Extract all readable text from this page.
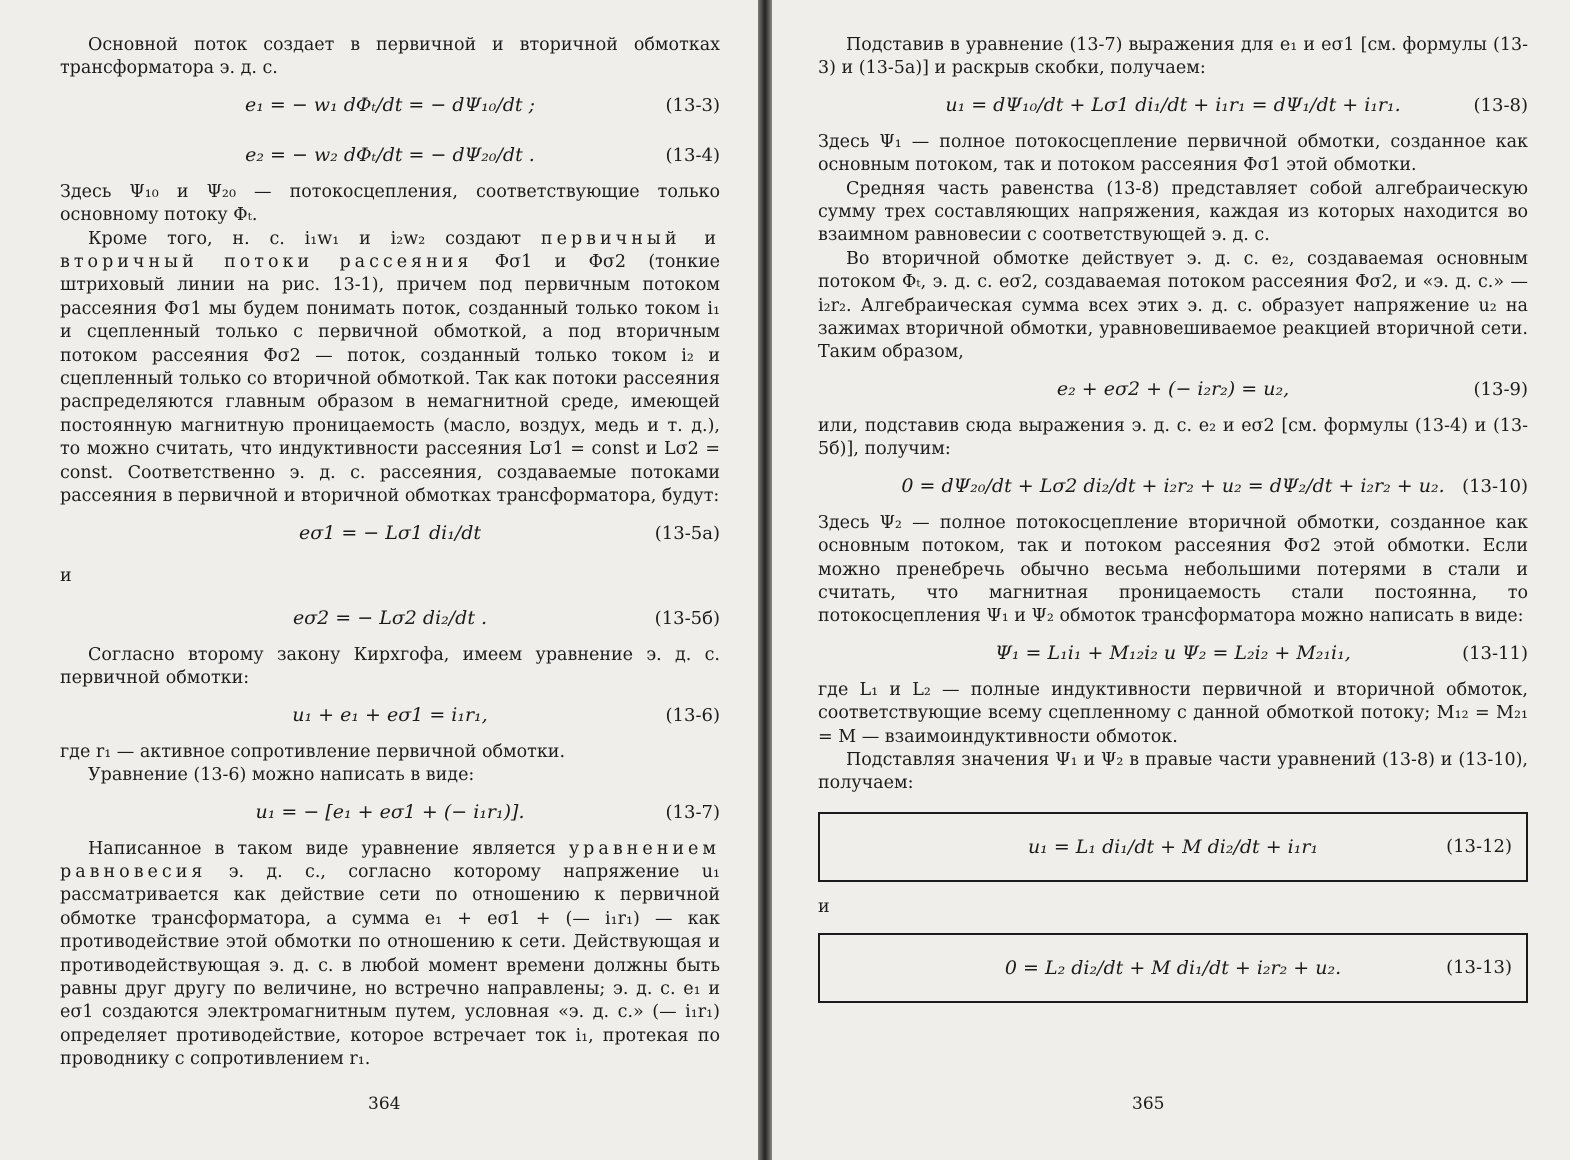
Основной поток создает в первичной и вторичной обмотках трансформатора э. д. с.

e₁ = − w₁ dΦₜ/dt = − dΨ₁₀/dt ;	(13-3)
e₂ = − w₂ dΦₜ/dt = − dΨ₂₀/dt .	(13-4)

Здесь Ψ₁₀ и Ψ₂₀ — потокосцепления, соответствующие только основному потоку Φₜ.

Кроме того, н. с. i₁w₁ и i₂w₂ создают первичный и вторичный потоки рассеяния Φσ1 и Φσ2 (тонкие штриховый линии на рис. 13-1), причем под первичным потоком рассеяния Φσ1 мы будем понимать поток, созданный только током i₁ и сцепленный только с первичной обмоткой, а под вторичным потоком рассеяния Φσ2 — поток, созданный только током i₂ и сцепленный только со вторичной обмоткой. Так как потоки рассеяния распределяются главным образом в немагнитной среде, имеющей постоянную магнитную проницаемость (масло, воздух, медь и т. д.), то можно считать, что индуктивности рассеяния Lσ1 = const и Lσ2 = const. Соответственно э. д. с. рассеяния, создаваемые потоками рассеяния в первичной и вторичной обмотках трансформатора, будут:

eσ1 = − Lσ1 di₁/dt	(13-5а)

и

eσ2 = − Lσ2 di₂/dt .	(13-5б)

Согласно второму закону Кирхгофа, имеем уравнение э. д. с. первичной обмотки:

u₁ + e₁ + eσ1 = i₁r₁,	(13-6)

где r₁ — активное сопротивление первичной обмотки.

Уравнение (13-6) можно написать в виде:

u₁ = − [e₁ + eσ1 + (− i₁r₁)].	(13-7)

Написанное в таком виде уравнение является уравнением равновесия э. д. с., согласно которому напряжение u₁ рассматривается как действие сети по отношению к первичной обмотке трансформатора, а сумма e₁ + eσ1 + (— i₁r₁) — как противодействие этой обмотки по отношению к сети. Действующая и противодействующая э. д. с. в любой момент времени должны быть равны друг другу по величине, но встречно направлены; э. д. с. e₁ и eσ1 создаются электромагнитным путем, условная «э. д. с.» (— i₁r₁) определяет противодействие, которое встречает ток i₁, протекая по проводнику с сопротивлением r₁.

364

Подставив в уравнение (13-7) выражения для e₁ и eσ1 [см. формулы (13-3) и (13-5а)] и раскрыв скобки, получаем:

u₁ = dΨ₁₀/dt + Lσ1 di₁/dt + i₁r₁ = dΨ₁/dt + i₁r₁.	(13-8)

Здесь Ψ₁ — полное потокосцепление первичной обмотки, созданное как основным потоком, так и потоком рассеяния Φσ1 этой обмотки.

Средняя часть равенства (13-8) представляет собой алгебраическую сумму трех составляющих напряжения, каждая из которых находится во взаимном равновесии с соответствующей э. д. с.

Во вторичной обмотке действует э. д. с. e₂, создаваемая основным потоком Φₜ, э. д. с. eσ2, создаваемая потоком рассеяния Φσ2, и «э. д. с.» — i₂r₂. Алгебраическая сумма всех этих э. д. с. образует напряжение u₂ на зажимах вторичной обмотки, уравновешиваемое реакцией вторичной сети. Таким образом,

e₂ + eσ2 + (− i₂r₂) = u₂,	(13-9)

или, подставив сюда выражения э. д. с. e₂ и eσ2 [см. формулы (13-4) и (13-5б)], получим:

0 = dΨ₂₀/dt + Lσ2 di₂/dt + i₂r₂ + u₂ = dΨ₂/dt + i₂r₂ + u₂. (13-10)

Здесь Ψ₂ — полное потокосцепление вторичной обмотки, созданное как основным потоком, так и потоком рассеяния Φσ2 этой обмотки. Если можно пренебречь обычно весьма небольшими потерями в стали и считать, что магнитная проницаемость стали постоянна, то потокосцепления Ψ₁ и Ψ₂ обмоток трансформатора можно написать в виде:

Ψ₁ = L₁i₁ + M₁₂i₂ и Ψ₂ = L₂i₂ + M₂₁i₁,	(13-11)

где L₁ и L₂ — полные индуктивности первичной и вторичной обмоток, соответствующие всему сцепленному с данной обмоткой потоку; M₁₂ = M₂₁ = M — взаимоиндуктивности обмоток.

Подставляя значения Ψ₁ и Ψ₂ в правые части уравнений (13-8) и (13-10), получаем:

u₁ = L₁ di₁/dt + M di₂/dt + i₁r₁	(13-12)

и

0 = L₂ di₂/dt + M di₁/dt + i₂r₂ + u₂.	(13-13)
365
